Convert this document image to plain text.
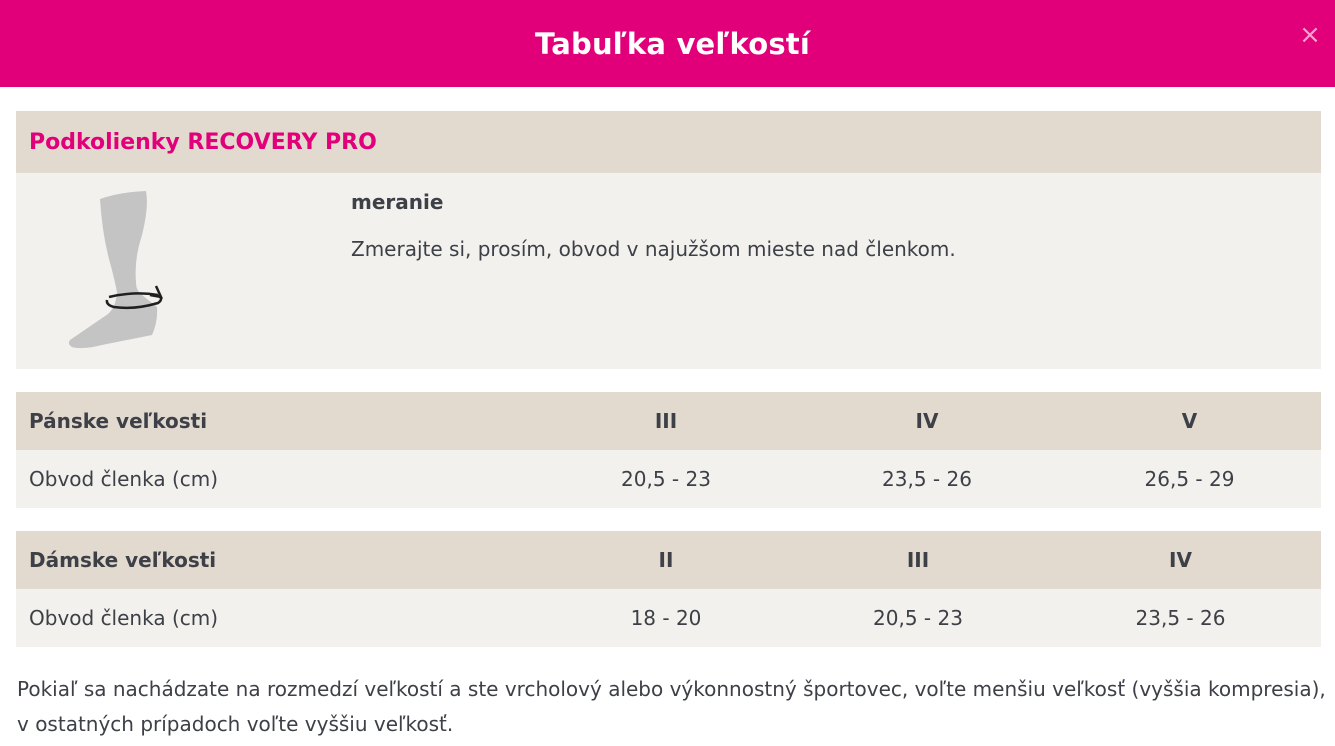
Tabuľka veľkostí	×
Podkolienky RECOVERY PRO
meranie
Zmerajte si, prosím, obvod v najužšom mieste nad členkom.
Pánske veľkosti	III	IV	V
Obvod členka (cm)	20,5 - 23	23,5 - 26	26,5 - 29
Dámske veľkosti	II	III	IV
Obvod členka (cm)	18 - 20	20,5 - 23	23,5 - 26
Pokiaľ sa nachádzate na rozmedzí veľkostí a ste vrcholový alebo výkonnostný športovec, voľte menšiu veľkosť (vyššia kompresia), v ostatných prípadoch voľte vyššiu veľkosť.
